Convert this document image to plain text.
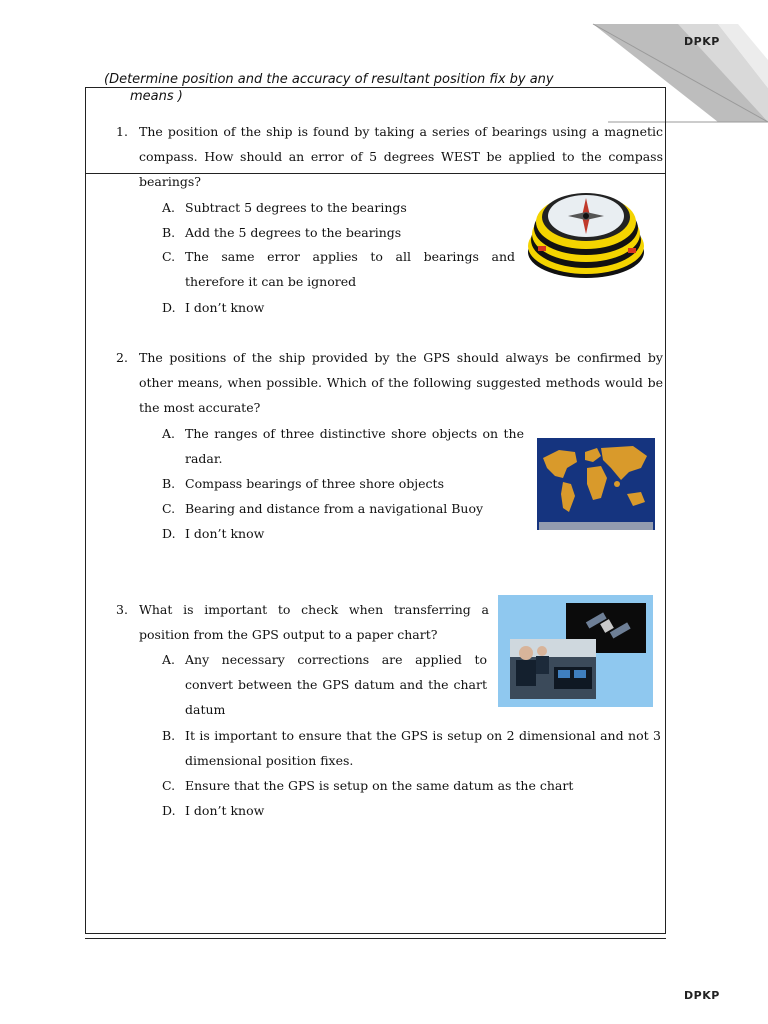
DPKP
(Determine position and the accuracy of resultant position fix by any
means )
1. The position of the ship is found by taking a series of bearings using a magnetic compass. How should an error of 5 degrees WEST be applied to the compass bearings?
A. Subtract 5 degrees to the bearings
B. Add the 5 degrees to the bearings
C. The same error applies to all bearings and therefore it can be ignored
D. I don’t know
2. The positions of the ship provided by the GPS should always be confirmed by other means, when possible. Which of the following suggested methods would be the most accurate?
A. The ranges of three distinctive shore objects on the radar.
B. Compass bearings of three shore objects
C. Bearing and distance from a navigational Buoy
D. I don’t know
3. What is important to check when transferring a position from the GPS output to a paper chart?
A. Any necessary corrections are applied to convert between the GPS datum and the chart datum
B. It is important to ensure that the GPS is setup on 2 dimensional and not 3 dimensional position fixes.
C. Ensure that the GPS is setup on the same datum as the chart
D. I don’t know
DPKP
